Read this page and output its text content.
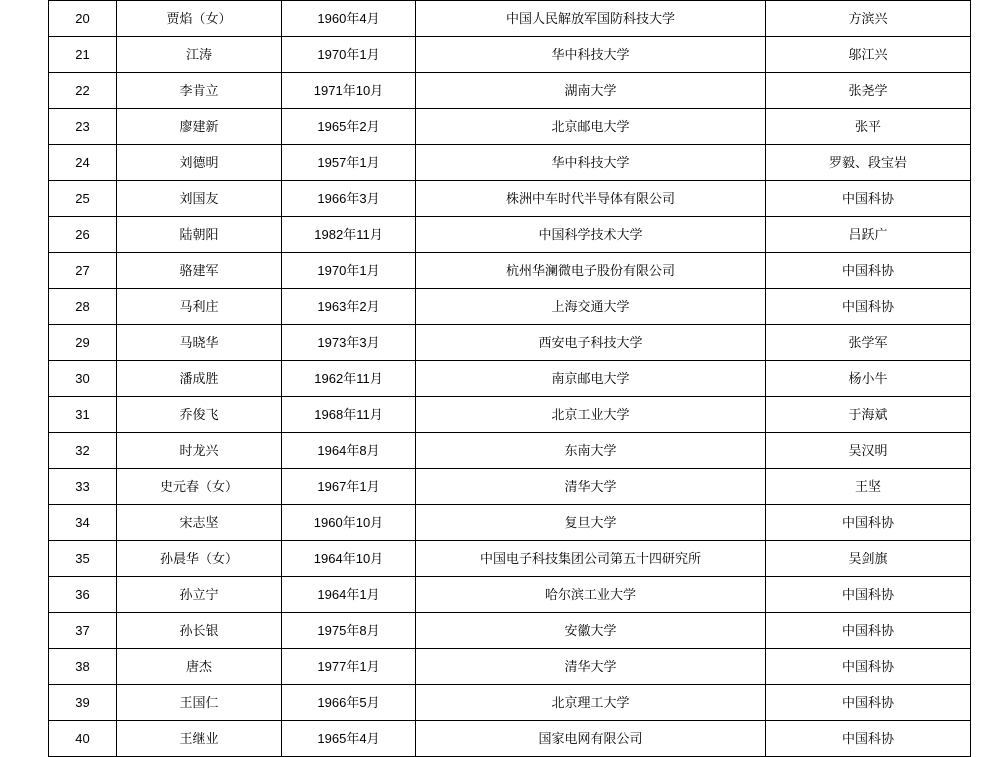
20	贾焰（女）	1960年4月	中国人民解放军国防科技大学	方滨兴
21	江涛	1970年1月	华中科技大学	邬江兴
22	李肯立	1971年10月	湖南大学	张尧学
23	廖建新	1965年2月	北京邮电大学	张平
24	刘德明	1957年1月	华中科技大学	罗毅、段宝岩
25	刘国友	1966年3月	株洲中车时代半导体有限公司	中国科协
26	陆朝阳	1982年11月	中国科学技术大学	吕跃广
27	骆建军	1970年1月	杭州华澜微电子股份有限公司	中国科协
28	马利庄	1963年2月	上海交通大学	中国科协
29	马晓华	1973年3月	西安电子科技大学	张学军
30	潘成胜	1962年11月	南京邮电大学	杨小牛
31	乔俊飞	1968年11月	北京工业大学	于海斌
32	时龙兴	1964年8月	东南大学	吴汉明
33	史元春（女）	1967年1月	清华大学	王坚
34	宋志坚	1960年10月	复旦大学	中国科协
35	孙晨华（女）	1964年10月	中国电子科技集团公司第五十四研究所	吴剑旗
36	孙立宁	1964年1月	哈尔滨工业大学	中国科协
37	孙长银	1975年8月	安徽大学	中国科协
38	唐杰	1977年1月	清华大学	中国科协
39	王国仁	1966年5月	北京理工大学	中国科协
40	王继业	1965年4月	国家电网有限公司	中国科协
